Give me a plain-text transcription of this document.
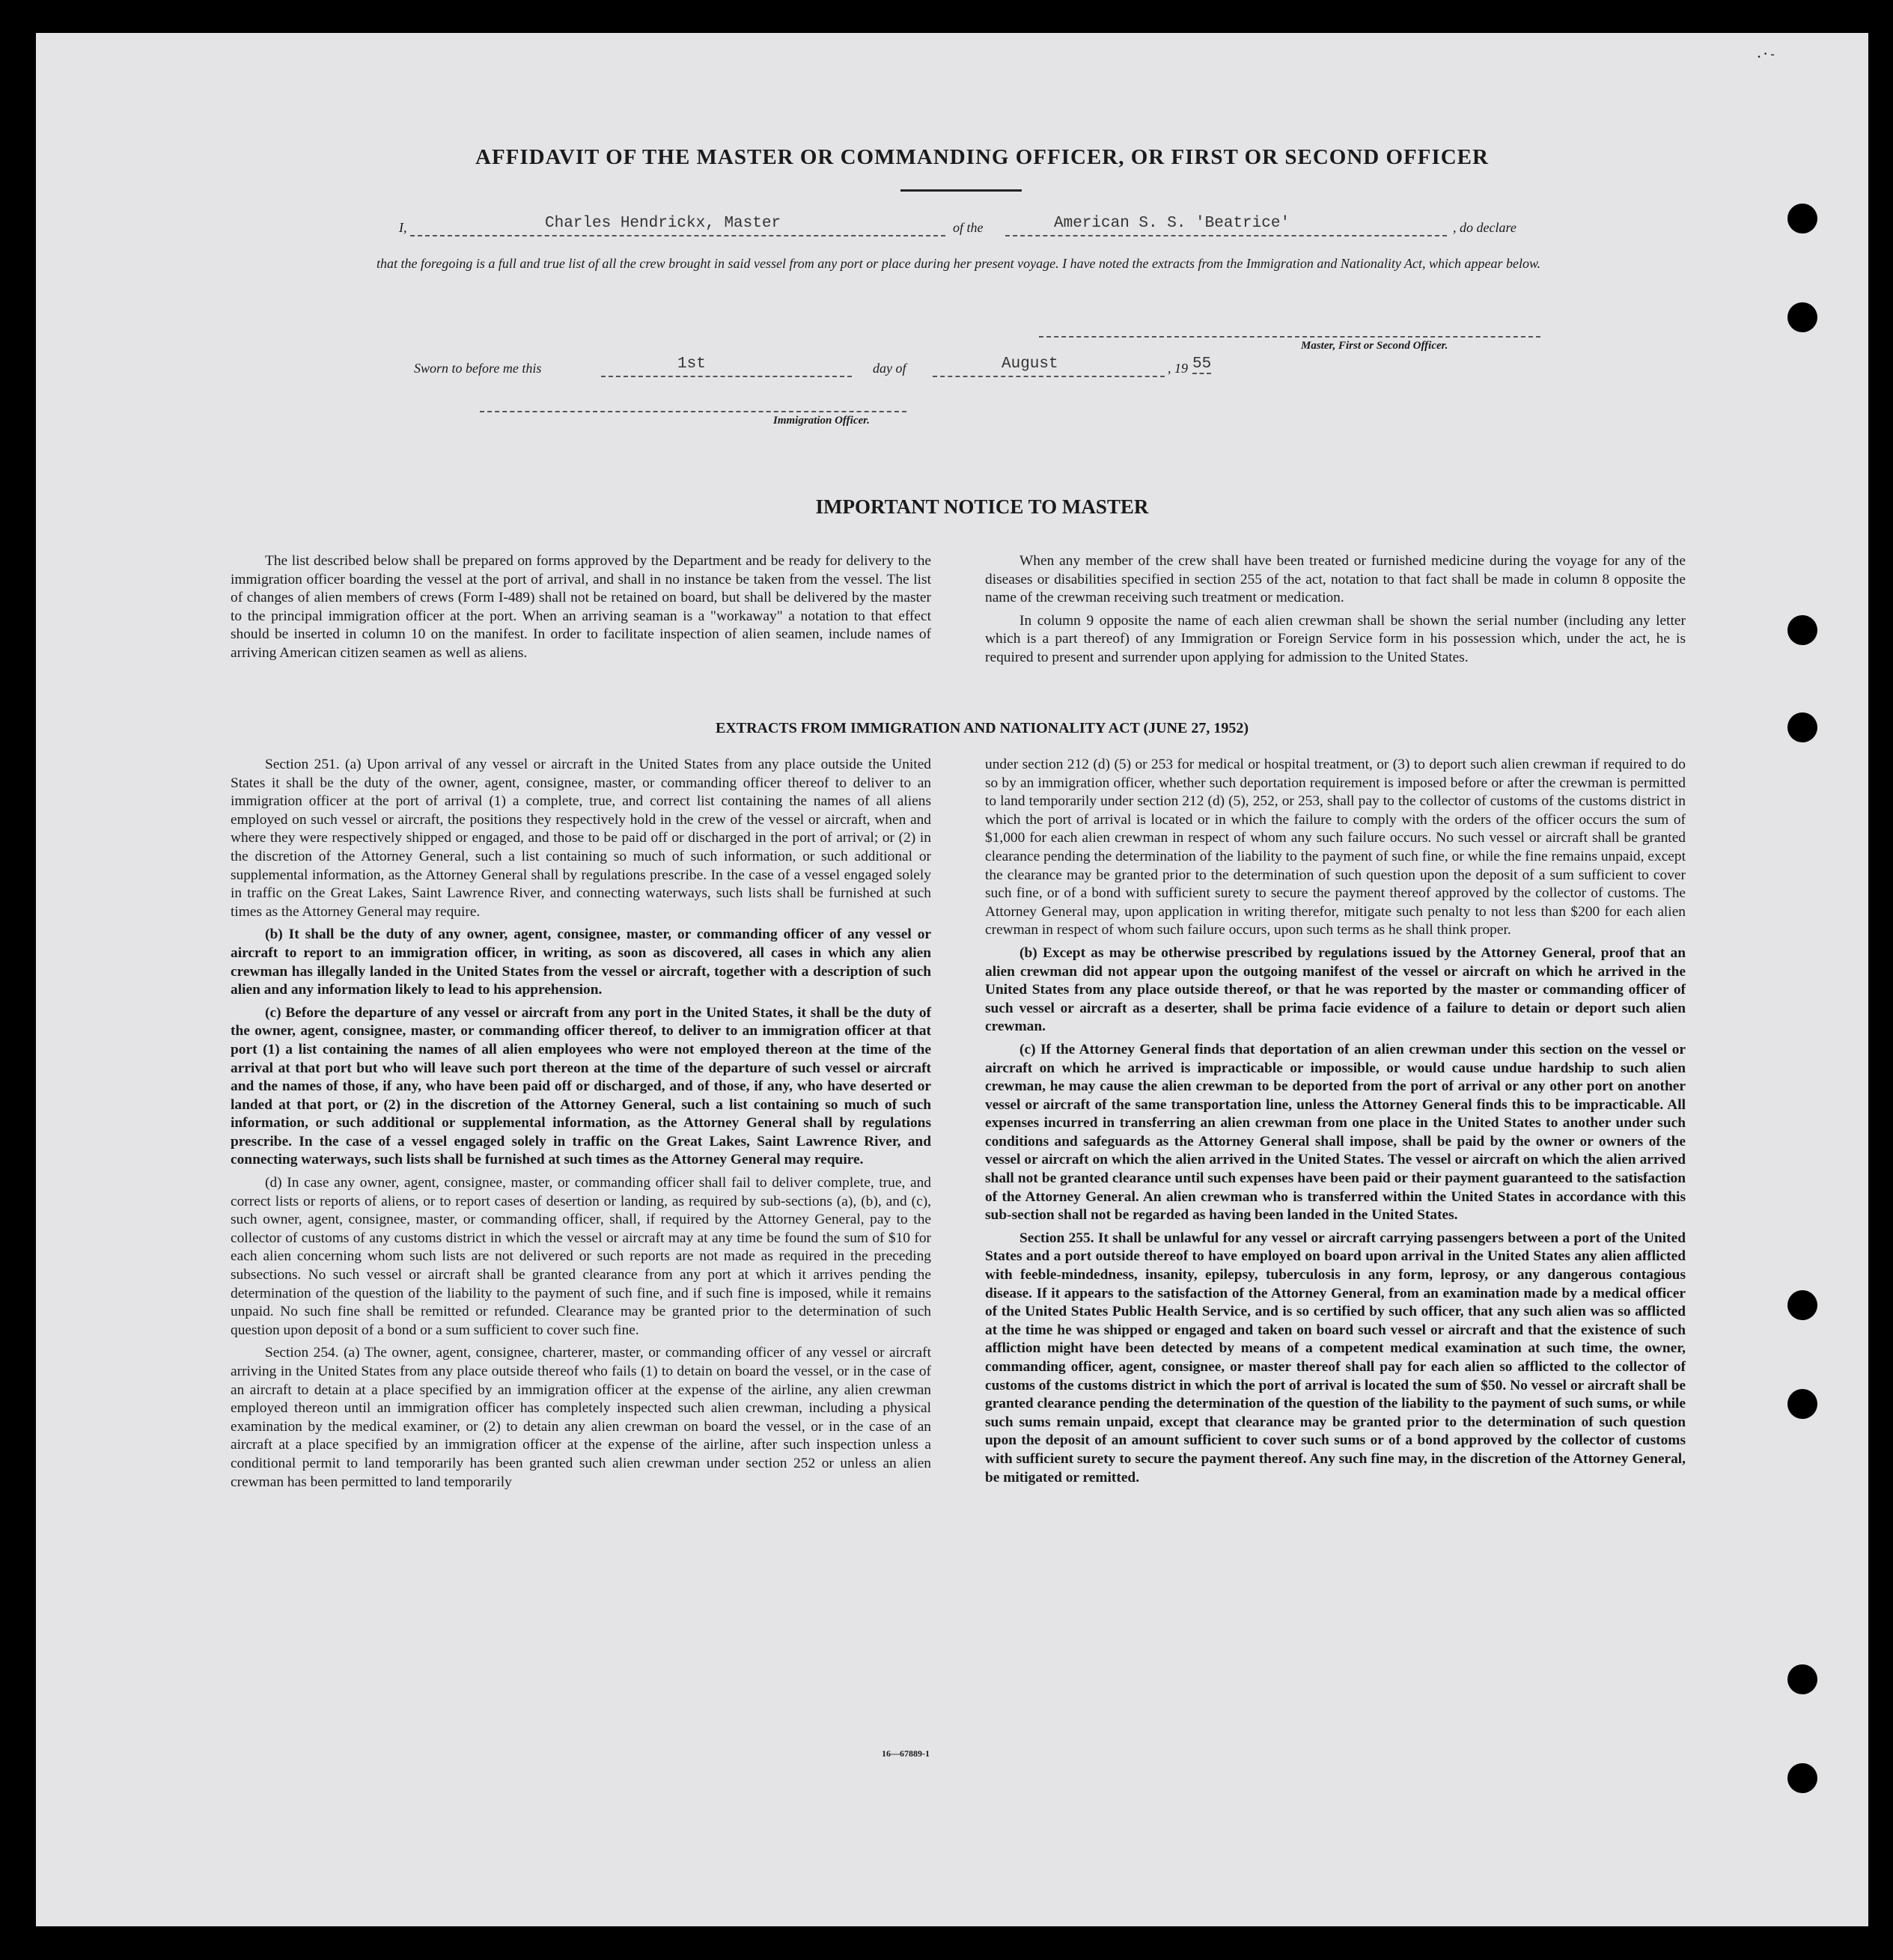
. · -
AFFIDAVIT OF THE MASTER OR COMMANDING OFFICER, OR FIRST OR SECOND OFFICER
I,	Charles Hendrickx, Master	of the	American S. S. 'Beatrice'	, do declare
that the foregoing is a full and true list of all the crew brought in said vessel from any port or place during her present voyage. I have noted the extracts from the Immigration and Nationality Act, which appear below.
Master, First or Second Officer.
Sworn to before me this	1st	day of	August	, 19 55
Immigration Officer.
IMPORTANT NOTICE TO MASTER

The list described below shall be prepared on forms approved by the Department and be ready for delivery to the immigration officer boarding the vessel at the port of arrival, and shall in no instance be taken from the vessel. The list of changes of alien members of crews (Form I-489) shall not be retained on board, but shall be delivered by the master to the principal immigration officer at the port. When an arriving seaman is a "workaway" a notation to that effect should be inserted in column 10 on the manifest. In order to facilitate inspection of alien seamen, include names of arriving American citizen seamen as well as aliens.

When any member of the crew shall have been treated or furnished medicine during the voyage for any of the diseases or disabilities specified in section 255 of the act, notation to that fact shall be made in column 8 opposite the name of the crewman receiving such treatment or medication.

In column 9 opposite the name of each alien crewman shall be shown the serial number (including any letter which is a part thereof) of any Immigration or Foreign Service form in his possession which, under the act, he is required to present and surrender upon applying for admission to the United States.

EXTRACTS FROM IMMIGRATION AND NATIONALITY ACT (JUNE 27, 1952)

Section 251. (a) Upon arrival of any vessel or aircraft in the United States from any place outside the United States it shall be the duty of the owner, agent, consignee, master, or commanding officer thereof to deliver to an immigration officer at the port of arrival (1) a complete, true, and correct list containing the names of all aliens employed on such vessel or aircraft, the positions they respectively hold in the crew of the vessel or aircraft, when and where they were respectively shipped or engaged, and those to be paid off or discharged in the port of arrival; or (2) in the discretion of the Attorney General, such a list containing so much of such information, or such additional or supplemental information, as the Attorney General shall by regulations prescribe. In the case of a vessel engaged solely in traffic on the Great Lakes, Saint Lawrence River, and connecting waterways, such lists shall be furnished at such times as the Attorney General may require.

(b) It shall be the duty of any owner, agent, consignee, master, or commanding officer of any vessel or aircraft to report to an immigration officer, in writing, as soon as discovered, all cases in which any alien crewman has illegally landed in the United States from the vessel or aircraft, together with a description of such alien and any information likely to lead to his apprehension.

(c) Before the departure of any vessel or aircraft from any port in the United States, it shall be the duty of the owner, agent, consignee, master, or commanding officer thereof, to deliver to an immigration officer at that port (1) a list containing the names of all alien employees who were not employed thereon at the time of the arrival at that port but who will leave such port thereon at the time of the departure of such vessel or aircraft and the names of those, if any, who have been paid off or discharged, and of those, if any, who have deserted or landed at that port, or (2) in the discretion of the Attorney General, such a list containing so much of such information, or such additional or supplemental information, as the Attorney General shall by regulations prescribe. In the case of a vessel engaged solely in traffic on the Great Lakes, Saint Lawrence River, and connecting waterways, such lists shall be furnished at such times as the Attorney General may require.

(d) In case any owner, agent, consignee, master, or commanding officer shall fail to deliver complete, true, and correct lists or reports of aliens, or to report cases of desertion or landing, as required by sub-sections (a), (b), and (c), such owner, agent, consignee, master, or commanding officer, shall, if required by the Attorney General, pay to the collector of customs of any customs district in which the vessel or aircraft may at any time be found the sum of $10 for each alien concerning whom such lists are not delivered or such reports are not made as required in the preceding subsections. No such vessel or aircraft shall be granted clearance from any port at which it arrives pending the determination of the question of the liability to the payment of such fine, and if such fine is imposed, while it remains unpaid. No such fine shall be remitted or refunded. Clearance may be granted prior to the determination of such question upon deposit of a bond or a sum sufficient to cover such fine.

Section 254. (a) The owner, agent, consignee, charterer, master, or commanding officer of any vessel or aircraft arriving in the United States from any place outside thereof who fails (1) to detain on board the vessel, or in the case of an aircraft to detain at a place specified by an immigration officer at the expense of the airline, any alien crewman employed thereon until an immigration officer has completely inspected such alien crewman, including a physical examination by the medical examiner, or (2) to detain any alien crewman on board the vessel, or in the case of an aircraft at a place specified by an immigration officer at the expense of the airline, after such inspection unless a conditional permit to land temporarily has been granted such alien crewman under section 252 or unless an alien crewman has been permitted to land temporarily

under section 212 (d) (5) or 253 for medical or hospital treatment, or (3) to deport such alien crewman if required to do so by an immigration officer, whether such deportation requirement is imposed before or after the crewman is permitted to land temporarily under section 212 (d) (5), 252, or 253, shall pay to the collector of customs of the customs district in which the port of arrival is located or in which the failure to comply with the orders of the officer occurs the sum of $1,000 for each alien crewman in respect of whom any such failure occurs. No such vessel or aircraft shall be granted clearance pending the determination of the liability to the payment of such fine, or while the fine remains unpaid, except the clearance may be granted prior to the determination of such question upon the deposit of a sum sufficient to cover such fine, or of a bond with sufficient surety to secure the payment thereof approved by the collector of customs. The Attorney General may, upon application in writing therefor, mitigate such penalty to not less than $200 for each alien crewman in respect of whom such failure occurs, upon such terms as he shall think proper.

(b) Except as may be otherwise prescribed by regulations issued by the Attorney General, proof that an alien crewman did not appear upon the outgoing manifest of the vessel or aircraft on which he arrived in the United States from any place outside thereof, or that he was reported by the master or commanding officer of such vessel or aircraft as a deserter, shall be prima facie evidence of a failure to detain or deport such alien crewman.

(c) If the Attorney General finds that deportation of an alien crewman under this section on the vessel or aircraft on which he arrived is impracticable or impossible, or would cause undue hardship to such alien crewman, he may cause the alien crewman to be deported from the port of arrival or any other port on another vessel or aircraft of the same transportation line, unless the Attorney General finds this to be impracticable. All expenses incurred in transferring an alien crewman from one place in the United States to another under such conditions and safeguards as the Attorney General shall impose, shall be paid by the owner or owners of the vessel or aircraft on which the alien arrived in the United States. The vessel or aircraft on which the alien arrived shall not be granted clearance until such expenses have been paid or their payment guaranteed to the satisfaction of the Attorney General. An alien crewman who is transferred within the United States in accordance with this sub-section shall not be regarded as having been landed in the United States.

Section 255. It shall be unlawful for any vessel or aircraft carrying passengers between a port of the United States and a port outside thereof to have employed on board upon arrival in the United States any alien afflicted with feeble-mindedness, insanity, epilepsy, tuberculosis in any form, leprosy, or any dangerous contagious disease. If it appears to the satisfaction of the Attorney General, from an examination made by a medical officer of the United States Public Health Service, and is so certified by such officer, that any such alien was so afflicted at the time he was shipped or engaged and taken on board such vessel or aircraft and that the existence of such affliction might have been detected by means of a competent medical examination at such time, the owner, commanding officer, agent, consignee, or master thereof shall pay for each alien so afflicted to the collector of customs of the customs district in which the port of arrival is located the sum of $50. No vessel or aircraft shall be granted clearance pending the determination of the question of the liability to the payment of such sums, or while such sums remain unpaid, except that clearance may be granted prior to the determination of such question upon the deposit of an amount sufficient to cover such sums or of a bond approved by the collector of customs with sufficient surety to secure the payment thereof. Any such fine may, in the discretion of the Attorney General, be mitigated or remitted.

16—67889-1
